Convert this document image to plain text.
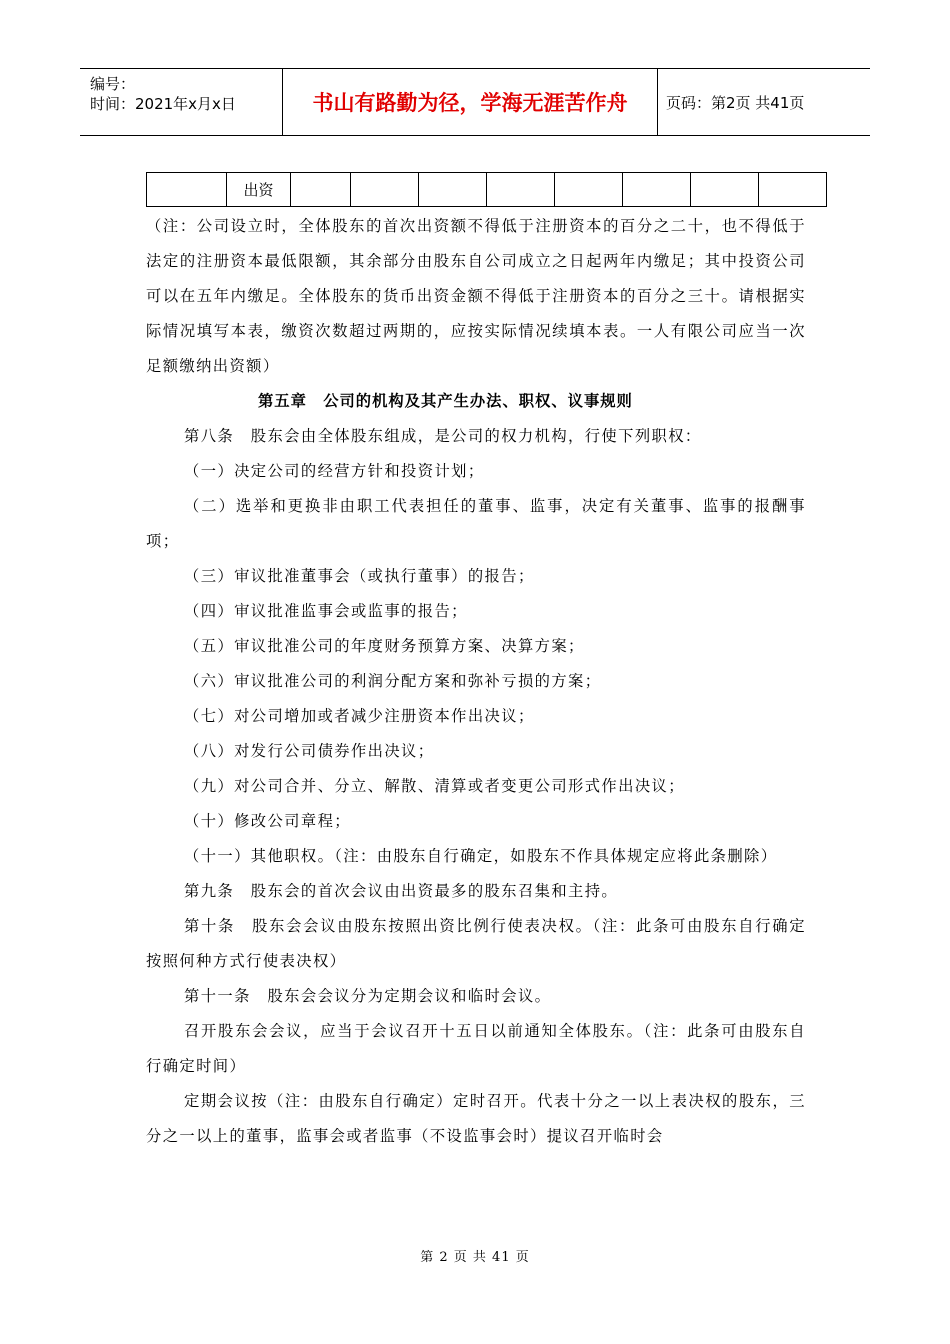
编号：
时间：2021年x月x日	书山有路勤为径，学海无涯苦作舟	页码：第2页 共41页
	出资								

（注：公司设立时，全体股东的首次出资额不得低于注册资本的百分之二十，也不得低于法定的注册资本最低限额，其余部分由股东自公司成立之日起两年内缴足；其中投资公司可以在五年内缴足。全体股东的货币出资金额不得低于注册资本的百分之三十。请根据实际情况填写本表，缴资次数超过两期的，应按实际情况续填本表。一人有限公司应当一次足额缴纳出资额）

第五章　公司的机构及其产生办法、职权、议事规则

第八条　股东会由全体股东组成，是公司的权力机构，行使下列职权：

（一）决定公司的经营方针和投资计划；

（二）选举和更换非由职工代表担任的董事、监事，决定有关董事、监事的报酬事项；

（三）审议批准董事会（或执行董事）的报告；

（四）审议批准监事会或监事的报告；

（五）审议批准公司的年度财务预算方案、决算方案；

（六）审议批准公司的利润分配方案和弥补亏损的方案；

（七）对公司增加或者减少注册资本作出决议；

（八）对发行公司债券作出决议；

（九）对公司合并、分立、解散、清算或者变更公司形式作出决议；

（十）修改公司章程；

（十一）其他职权。（注：由股东自行确定，如股东不作具体规定应将此条删除）

第九条　股东会的首次会议由出资最多的股东召集和主持。

第十条　股东会会议由股东按照出资比例行使表决权。（注：此条可由股东自行确定按照何种方式行使表决权）

第十一条　股东会会议分为定期会议和临时会议。

召开股东会会议，应当于会议召开十五日以前通知全体股东。（注：此条可由股东自行确定时间）

定期会议按（注：由股东自行确定）定时召开。代表十分之一以上表决权的股东，三分之一以上的董事，监事会或者监事（不设监事会时）提议召开临时会

第 2 页 共 41 页
